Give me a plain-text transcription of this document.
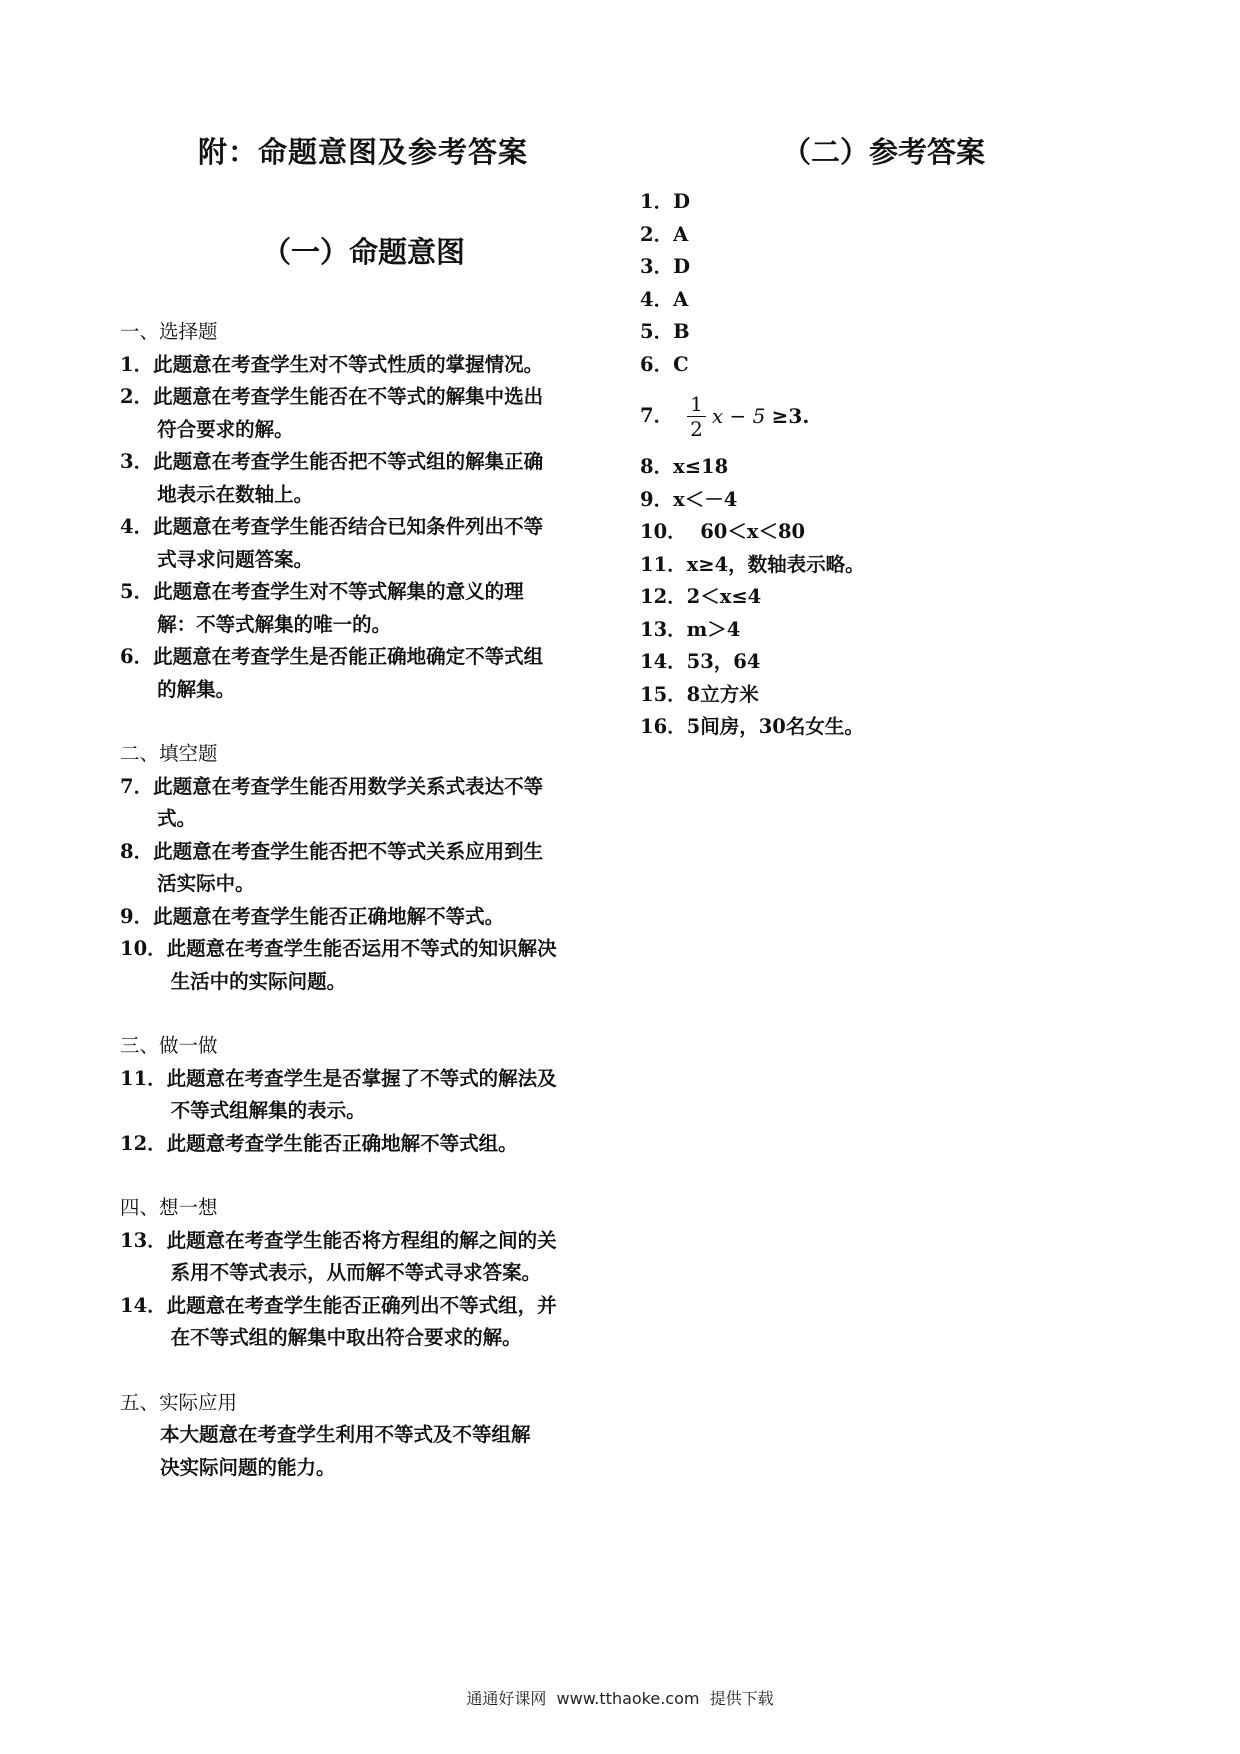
附：命题意图及参考答案
（一）命题意图
（二）参考答案
一、选择题
1． 此题意在考查学生对不等式性质的掌握情况。
2． 此题意在考查学生能否在不等式的解集中选出
符合要求的解。
3． 此题意在考查学生能否把不等式组的解集正确
地表示在数轴上。
4． 此题意在考查学生能否结合已知条件列出不等
式寻求问题答案。
5． 此题意在考查学生对不等式解集的意义的理
解：不等式解集的唯一的。
6． 此题意在考查学生是否能正确地确定不等式组
的解集。
二、填空题
7． 此题意在考查学生能否用数学关系式表达不等
式。
8． 此题意在考查学生能否把不等式关系应用到生
活实际中。
9． 此题意在考查学生能否正确地解不等式。
10． 此题意在考查学生能否运用不等式的知识解决
生活中的实际问题。
三、做一做
11． 此题意在考查学生是否掌握了不等式的解法及
不等式组解集的表示。
12． 此题意考查学生能否正确地解不等式组。
四、想一想
13． 此题意在考查学生能否将方程组的解之间的关
系用不等式表示，从而解不等式寻求答案。
14． 此题意在考查学生能否正确列出不等式组，并
在不等式组的解集中取出符合要求的解。
五、实际应用
本大题意在考查学生利用不等式及不等组解
决实际问题的能力。
1．D
2．A
3．D
4．A
5．B
6．C
7． $\frac{1}{2}$ x − 5 ≥3.
8．x≤18
9．x＜－4
10．  60＜x＜80
11．x≥4，数轴表示略。
12．2＜x≤4
13．m＞4
14．53，64
15．8立方米
16．5间房，30名女生。
通通好课网  www.tthaoke.com  提供下载
